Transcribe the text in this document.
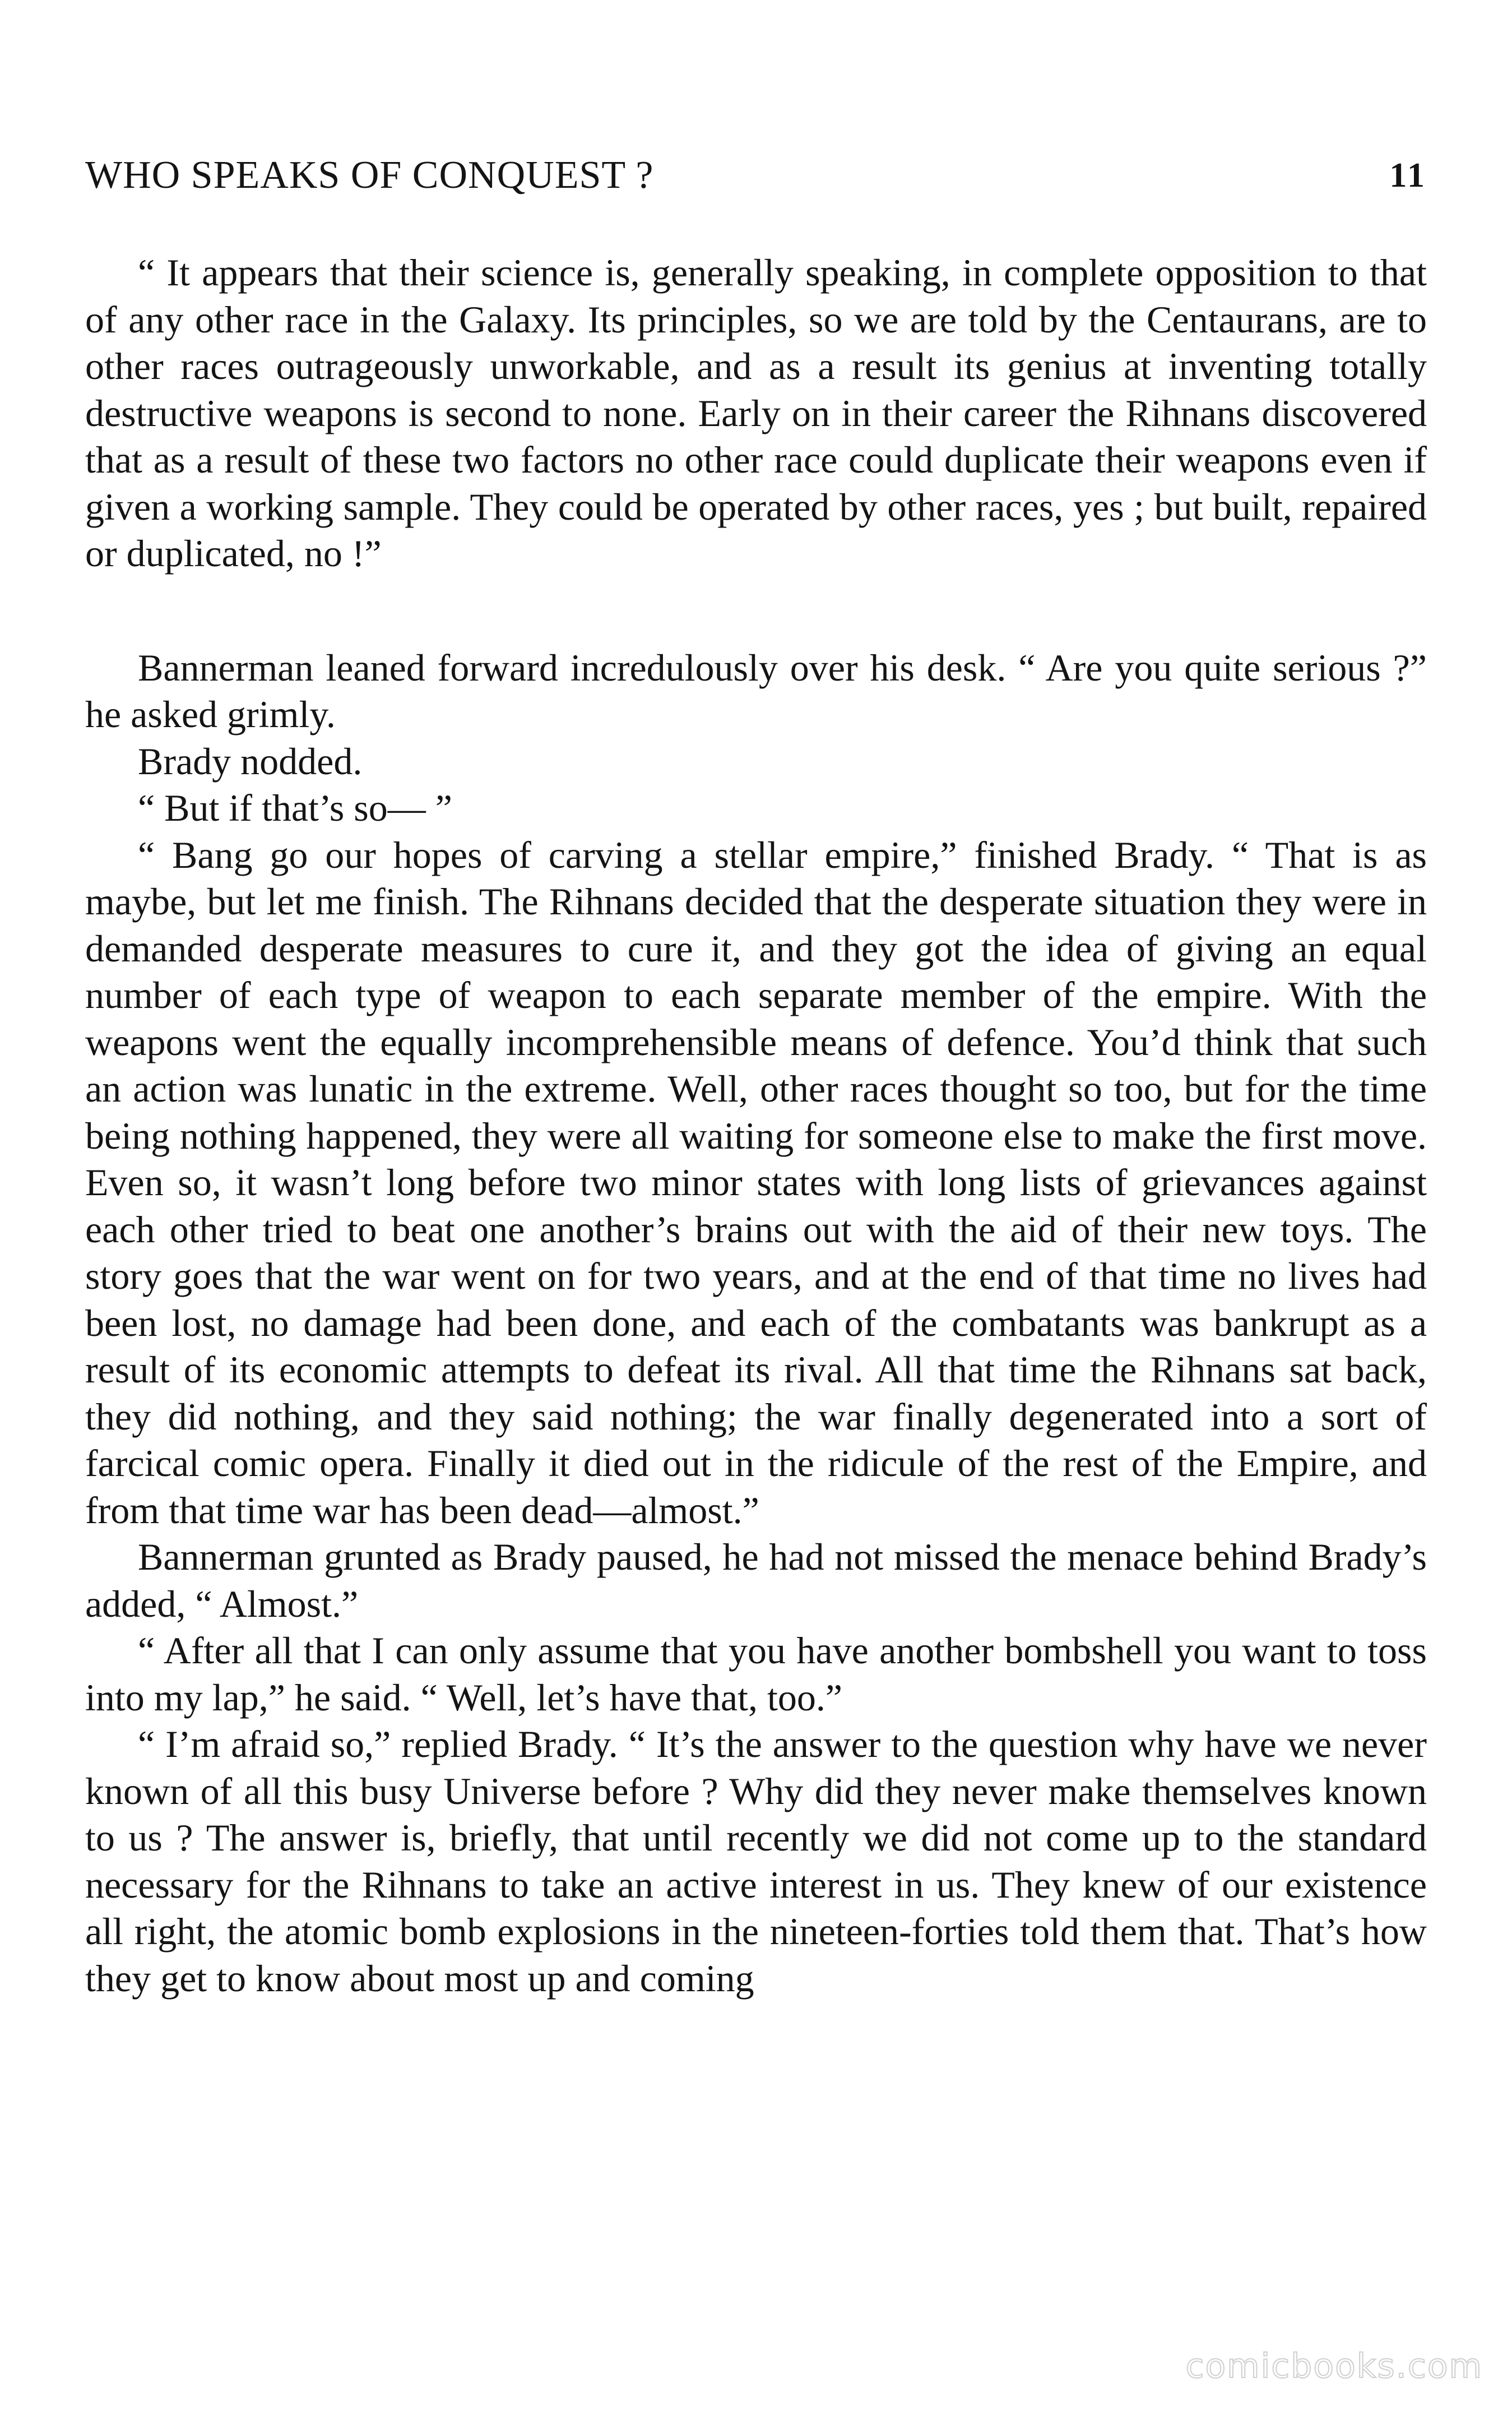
WHO SPEAKS OF CONQUEST ?	11

“ It appears that their science is, generally speaking, in complete opposition to that of any other race in the Galaxy. Its principles, so we are told by the Centaurans, are to other races outrageously unworkable, and as a result its genius at inventing totally destructive weapons is second to none. Early on in their career the Rihnans discovered that as a result of these two factors no other race could duplicate their weapons even if given a working sample. They could be operated by other races, yes ; but built, repaired or duplicated, no !”

Bannerman leaned forward incredulously over his desk. “ Are you quite serious ?” he asked grimly.

Brady nodded.

“ But if that’s so— ”

“ Bang go our hopes of carving a stellar empire,” finished Brady. “ That is as maybe, but let me finish. The Rihnans decided that the desperate situation they were in demanded desperate measures to cure it, and they got the idea of giving an equal number of each type of weapon to each separate member of the empire. With the weapons went the equally incomprehensible means of defence. You’d think that such an action was lunatic in the extreme. Well, other races thought so too, but for the time being nothing happened, they were all waiting for someone else to make the first move. Even so, it wasn’t long before two minor states with long lists of grievances against each other tried to beat one another’s brains out with the aid of their new toys. The story goes that the war went on for two years, and at the end of that time no lives had been lost, no damage had been done, and each of the combatants was bankrupt as a result of its economic attempts to defeat its rival. All that time the Rihnans sat back, they did nothing, and they said nothing; the war finally degenerated into a sort of farcical comic opera. Finally it died out in the ridicule of the rest of the Empire, and from that time war has been dead—almost.”

Bannerman grunted as Brady paused, he had not missed the menace behind Brady’s added, “ Almost.”

“ After all that I can only assume that you have another bombshell you want to toss into my lap,” he said. “ Well, let’s have that, too.”

“ I’m afraid so,” replied Brady. “ It’s the answer to the question why have we never known of all this busy Universe before ? Why did they never make themselves known to us ? The answer is, briefly, that until recently we did not come up to the standard necessary for the Rihnans to take an active interest in us. They knew of our existence all right, the atomic bomb explosions in the nineteen-forties told them that. That’s how they get to know about most up and coming

comicbooks.com
